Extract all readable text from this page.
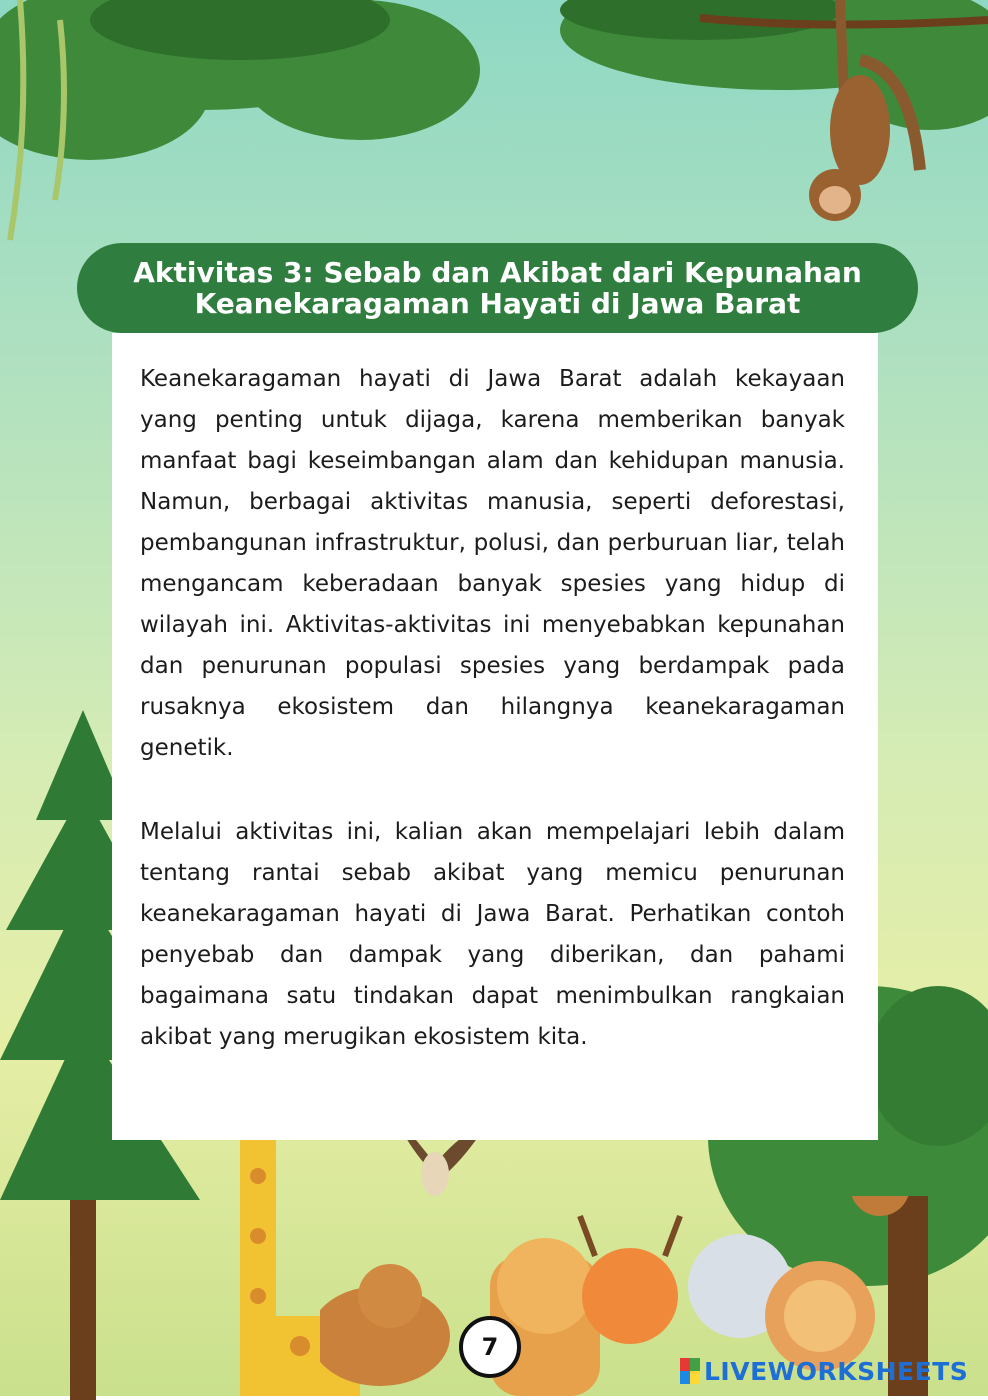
Aktivitas 3: Sebab dan Akibat dari Kepunahan
Keanekaragaman Hayati di Jawa Barat

Keanekaragaman hayati di Jawa Barat adalah kekayaan yang penting untuk dijaga, karena memberikan banyak manfaat bagi keseimbangan alam dan kehidupan manusia. Namun, berbagai aktivitas manusia, seperti deforestasi, pembangunan infrastruktur, polusi, dan perburuan liar, telah mengancam keberadaan banyak spesies yang hidup di wilayah ini. Aktivitas-aktivitas ini menyebabkan kepunahan dan penurunan populasi spesies yang berdampak pada rusaknya ekosistem dan hilangnya keanekaragaman genetik.

Melalui aktivitas ini, kalian akan mempelajari lebih dalam tentang rantai sebab akibat yang memicu penurunan keanekaragaman hayati di Jawa Barat. Perhatikan contoh penyebab dan dampak yang diberikan, dan pahami bagaimana satu tindakan dapat menimbulkan rangkaian akibat yang merugikan ekosistem kita.

7
LIVEWORKSHEETS
